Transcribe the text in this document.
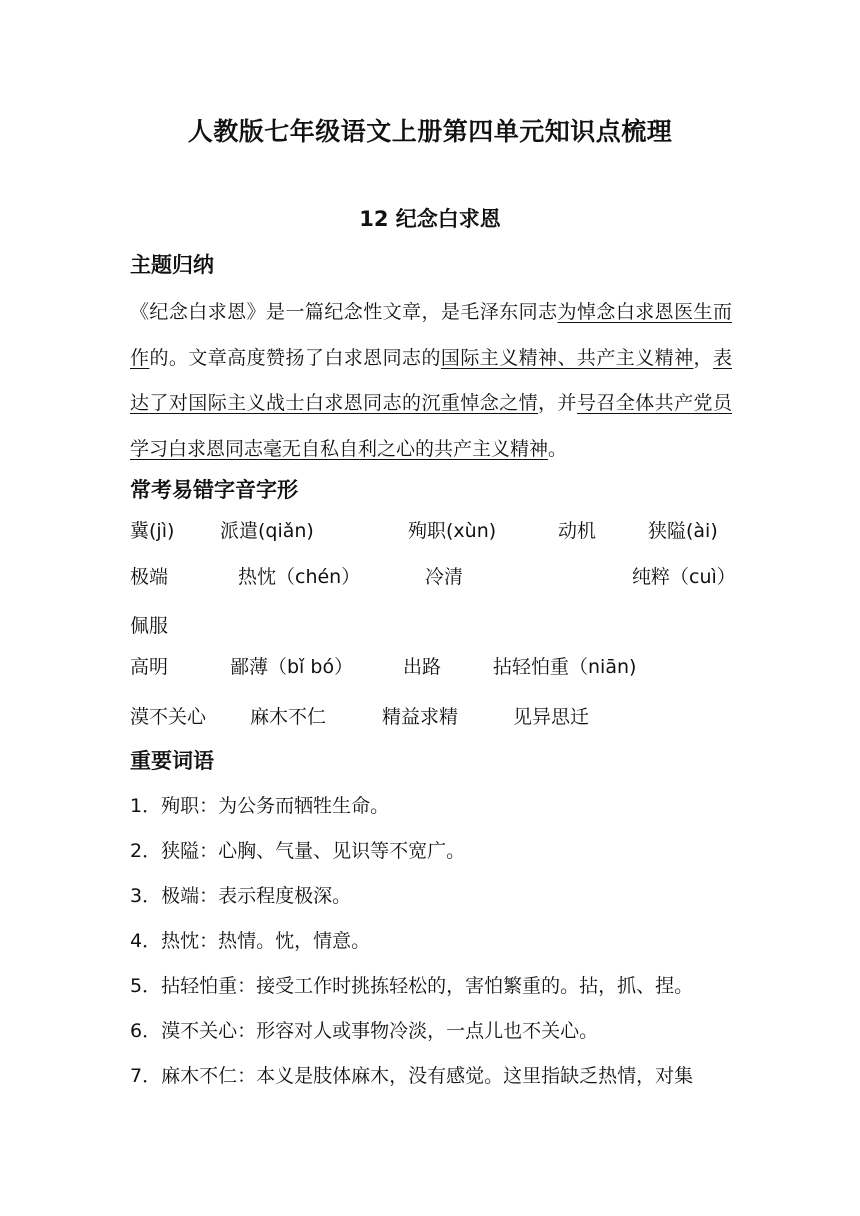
人教版七年级语文上册第四单元知识点梳理
12 纪念白求恩
主题归纳
《纪念白求恩》是一篇纪念性文章，是毛泽东同志为悼念白求恩医生而作的。文章高度赞扬了白求恩同志的国际主义精神、共产主义精神，表达了对国际主义战士白求恩同志的沉重悼念之情，并号召全体共产党员学习白求恩同志毫无自私自利之心的共产主义精神。
常考易错字音字形
冀(jì) 派遣(qiǎn)	殉职(xùn)	动机	狭隘(ài)
极端	热忱（chén）	冷清	纯粹（cuì）
佩服
高明	鄙薄（bǐ bó）	出路	拈轻怕重（niān)
漠不关心 麻木不仁	精益求精	见异思迁
重要词语
1．殉职：为公务而牺牲生命。
2．狭隘：心胸、气量、见识等不宽广。
3．极端：表示程度极深。
4．热忱：热情。忱，情意。
5．拈轻怕重：接受工作时挑拣轻松的，害怕繁重的。拈，抓、捏。
6．漠不关心：形容对人或事物冷淡，一点儿也不关心。
7．麻木不仁：本义是肢体麻木，没有感觉。这里指缺乏热情，对集
